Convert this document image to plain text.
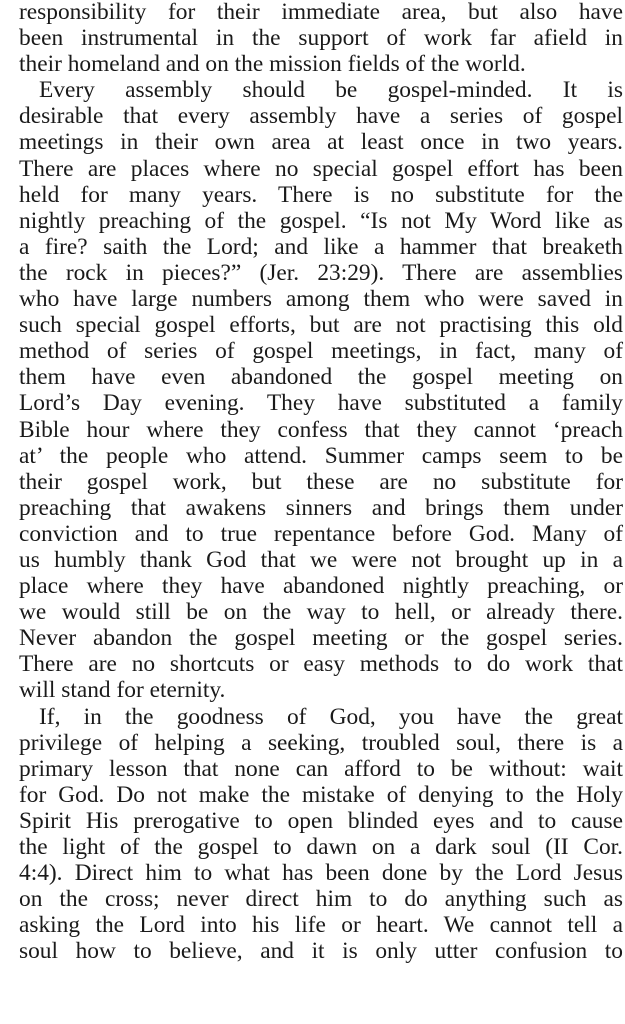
responsibility for their immediate area, but also have
been instrumental in the support of work far afield in
their homeland and on the mission fields of the world.

Every assembly should be gospel-minded. It is
desirable that every assembly have a series of gospel
meetings in their own area at least once in two years.
There are places where no special gospel effort has been
held for many years. There is no substitute for the
nightly preaching of the gospel. “Is not My Word like as
a fire? saith the Lord; and like a hammer that breaketh
the rock in pieces?” (Jer. 23:29). There are assemblies
who have large numbers among them who were saved in
such special gospel efforts, but are not practising this old
method of series of gospel meetings, in fact, many of
them have even abandoned the gospel meeting on
Lord’s Day evening. They have substituted a family
Bible hour where they confess that they cannot ‘preach
at’ the people who attend. Summer camps seem to be
their gospel work, but these are no substitute for
preaching that awakens sinners and brings them under
conviction and to true repentance before God. Many of
us humbly thank God that we were not brought up in a
place where they have abandoned nightly preaching, or
we would still be on the way to hell, or already there.
Never abandon the gospel meeting or the gospel series.
There are no shortcuts or easy methods to do work that
will stand for eternity.

If, in the goodness of God, you have the great
privilege of helping a seeking, troubled soul, there is a
primary lesson that none can afford to be without: wait
for God. Do not make the mistake of denying to the Holy
Spirit His prerogative to open blinded eyes and to cause
the light of the gospel to dawn on a dark soul (II Cor.
4:4). Direct him to what has been done by the Lord Jesus
on the cross; never direct him to do anything such as
asking the Lord into his life or heart. We cannot tell a
soul how to believe, and it is only utter confusion to
